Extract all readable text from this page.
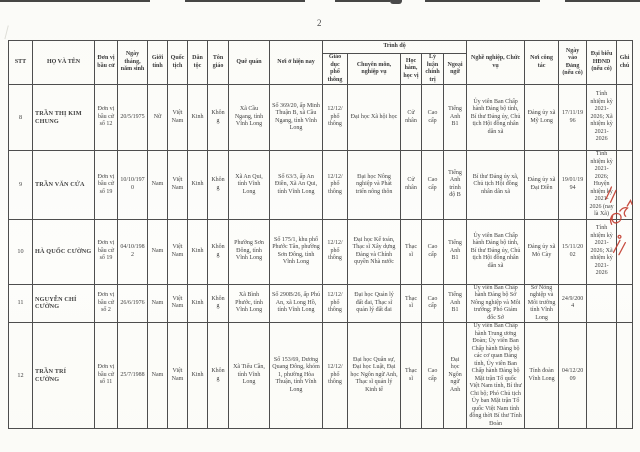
2
STT	HỌ VÀ TÊN	Đơn vị bầu cử	Ngày tháng, năm sinh	Giới tính	Quốc tịch	Dân tộc	Tôn giáo	Quê quán	Nơi ở hiện nay	Trình độ					Nghề nghiệp, Chức vụ	Nơi công tác	Ngày vào Đảng (nếu có)	Đại biểu HĐND (nếu có)	Ghi chú
										Giáo dục phổ thông	Chuyên môn, nghiệp vụ	Học hàm, học vị	Lý luận chính trị	Ngoại ngữ					
8	TRẦN THỊ KIM CHUNG	Đơn vị bầu cử số 12	20/5/1975	Nữ	Việt Nam	Kinh	Không	Xã Cầu Ngang, tỉnh Vĩnh Long	Số 369/20, ấp Minh Thuận B, xã Cầu Ngang, tỉnh Vĩnh Long	12/12/ phổ thông	Đại học Xã hội học	Cử nhân	Cao cấp	Tiếng Anh B1	Ủy viên Ban Chấp hành Đảng bộ tỉnh, Bí thư Đảng ủy, Chủ tịch Hội đồng nhân dân xã	Đảng ủy xã Mỹ Long	17/11/1996	Tỉnh nhiệm kỳ 2021-2026; Xã nhiệm kỳ 2021-2026	
9	TRẦN VĂN CỨA	Đơn vị bầu cử số 19	10/10/1970	Nam	Việt Nam	Kinh	Không	Xã An Qui, tỉnh Vĩnh Long	Số 63/3, ấp An Điền, Xã An Qui, tỉnh Vĩnh Long	12/12/ phổ thông	Đại học Nông nghiệp và Phát triển nông thôn	Cử nhân	Cao cấp	Tiếng Anh trình độ B	Bí thư Đảng ủy xã, Chủ tịch Hội đồng nhân dân xã	Đảng ủy xã Đại Điền	19/01/1994	Tỉnh nhiệm kỳ 2021-2026; Huyện nhiệm kỳ 2021-2026 (nay là Xã)	
10	HÀ QUỐC CƯỜNG	Đơn vị bầu cử số 19	04/10/1982	Nam	Việt Nam	Kinh	Không	Phường Sơn Đông, tỉnh Vĩnh Long	Số 175/1, khu phố Phước Tân, phường Sơn Đông, tỉnh Vĩnh Long	12/12/ phổ thông	Đại học Kế toán, Thạc sĩ Xây dựng Đảng và Chính quyền Nhà nước	Thạc sĩ	Cao cấp	Tiếng Anh B1	Ủy viên Ban Chấp hành Đảng bộ tỉnh, Bí thư Đảng ủy, Chủ tịch Hội đồng nhân dân xã	Đảng ủy xã Mỏ Cày	15/11/2002	Tỉnh nhiệm kỳ 2021-2026; Xã nhiệm kỳ 2021-2026	
11	NGUYỄN CHÍ CƯỜNG	Đơn vị bầu cử số 2	26/6/1976	Nam	Việt Nam	Kinh	Không	Xã Bình Phước, tỉnh Vĩnh Long	Số 290B/26, ấp Phú An, xã Long Hồ, tỉnh Vĩnh Long	12/12/ phổ thông	Đại học Quản lý đất đai, Thạc sĩ quản lý đất đai	Thạc sĩ	Cao cấp	Tiếng Anh B1	Ủy viên Ban Chấp hành Đảng bộ Sở Nông nghiệp và Môi trường; Phó Giám đốc Sở	Sở Nông nghiệp và Môi trường tỉnh Vĩnh Long	24/9/2004		
12	TRẦN TRÍ CƯỜNG	Đơn vị bầu cử số 11	25/7/1988	Nam	Việt Nam	Kinh	Không	Xã Tiểu Cần, tỉnh Vĩnh Long	Số 153/69, Dương Quang Đông, khóm 1, phường Hòa Thuận, tỉnh Vĩnh Long	12/12/ phổ thông	Đại học Quân sự, Đại học Luật, Đại học Ngôn ngữ Anh, Thạc sĩ quản lý Kinh tế	Thạc sĩ	Cao cấp	Đại học Ngôn ngữ Anh	Ủy viên Ban Chấp hành Trung ương Đoàn; Ủy viên Ban Chấp hành Đảng bộ các cơ quan Đảng tỉnh, Ủy viên Ban Chấp hành Đảng bộ Mặt trận Tổ quốc Việt Nam tỉnh, Bí thư Chi bộ; Phó Chủ tịch Ủy ban Mặt trận Tổ quốc Việt Nam tỉnh đồng thời Bí thư Tỉnh Đoàn	Tỉnh đoàn Vĩnh Long	04/12/2009		
